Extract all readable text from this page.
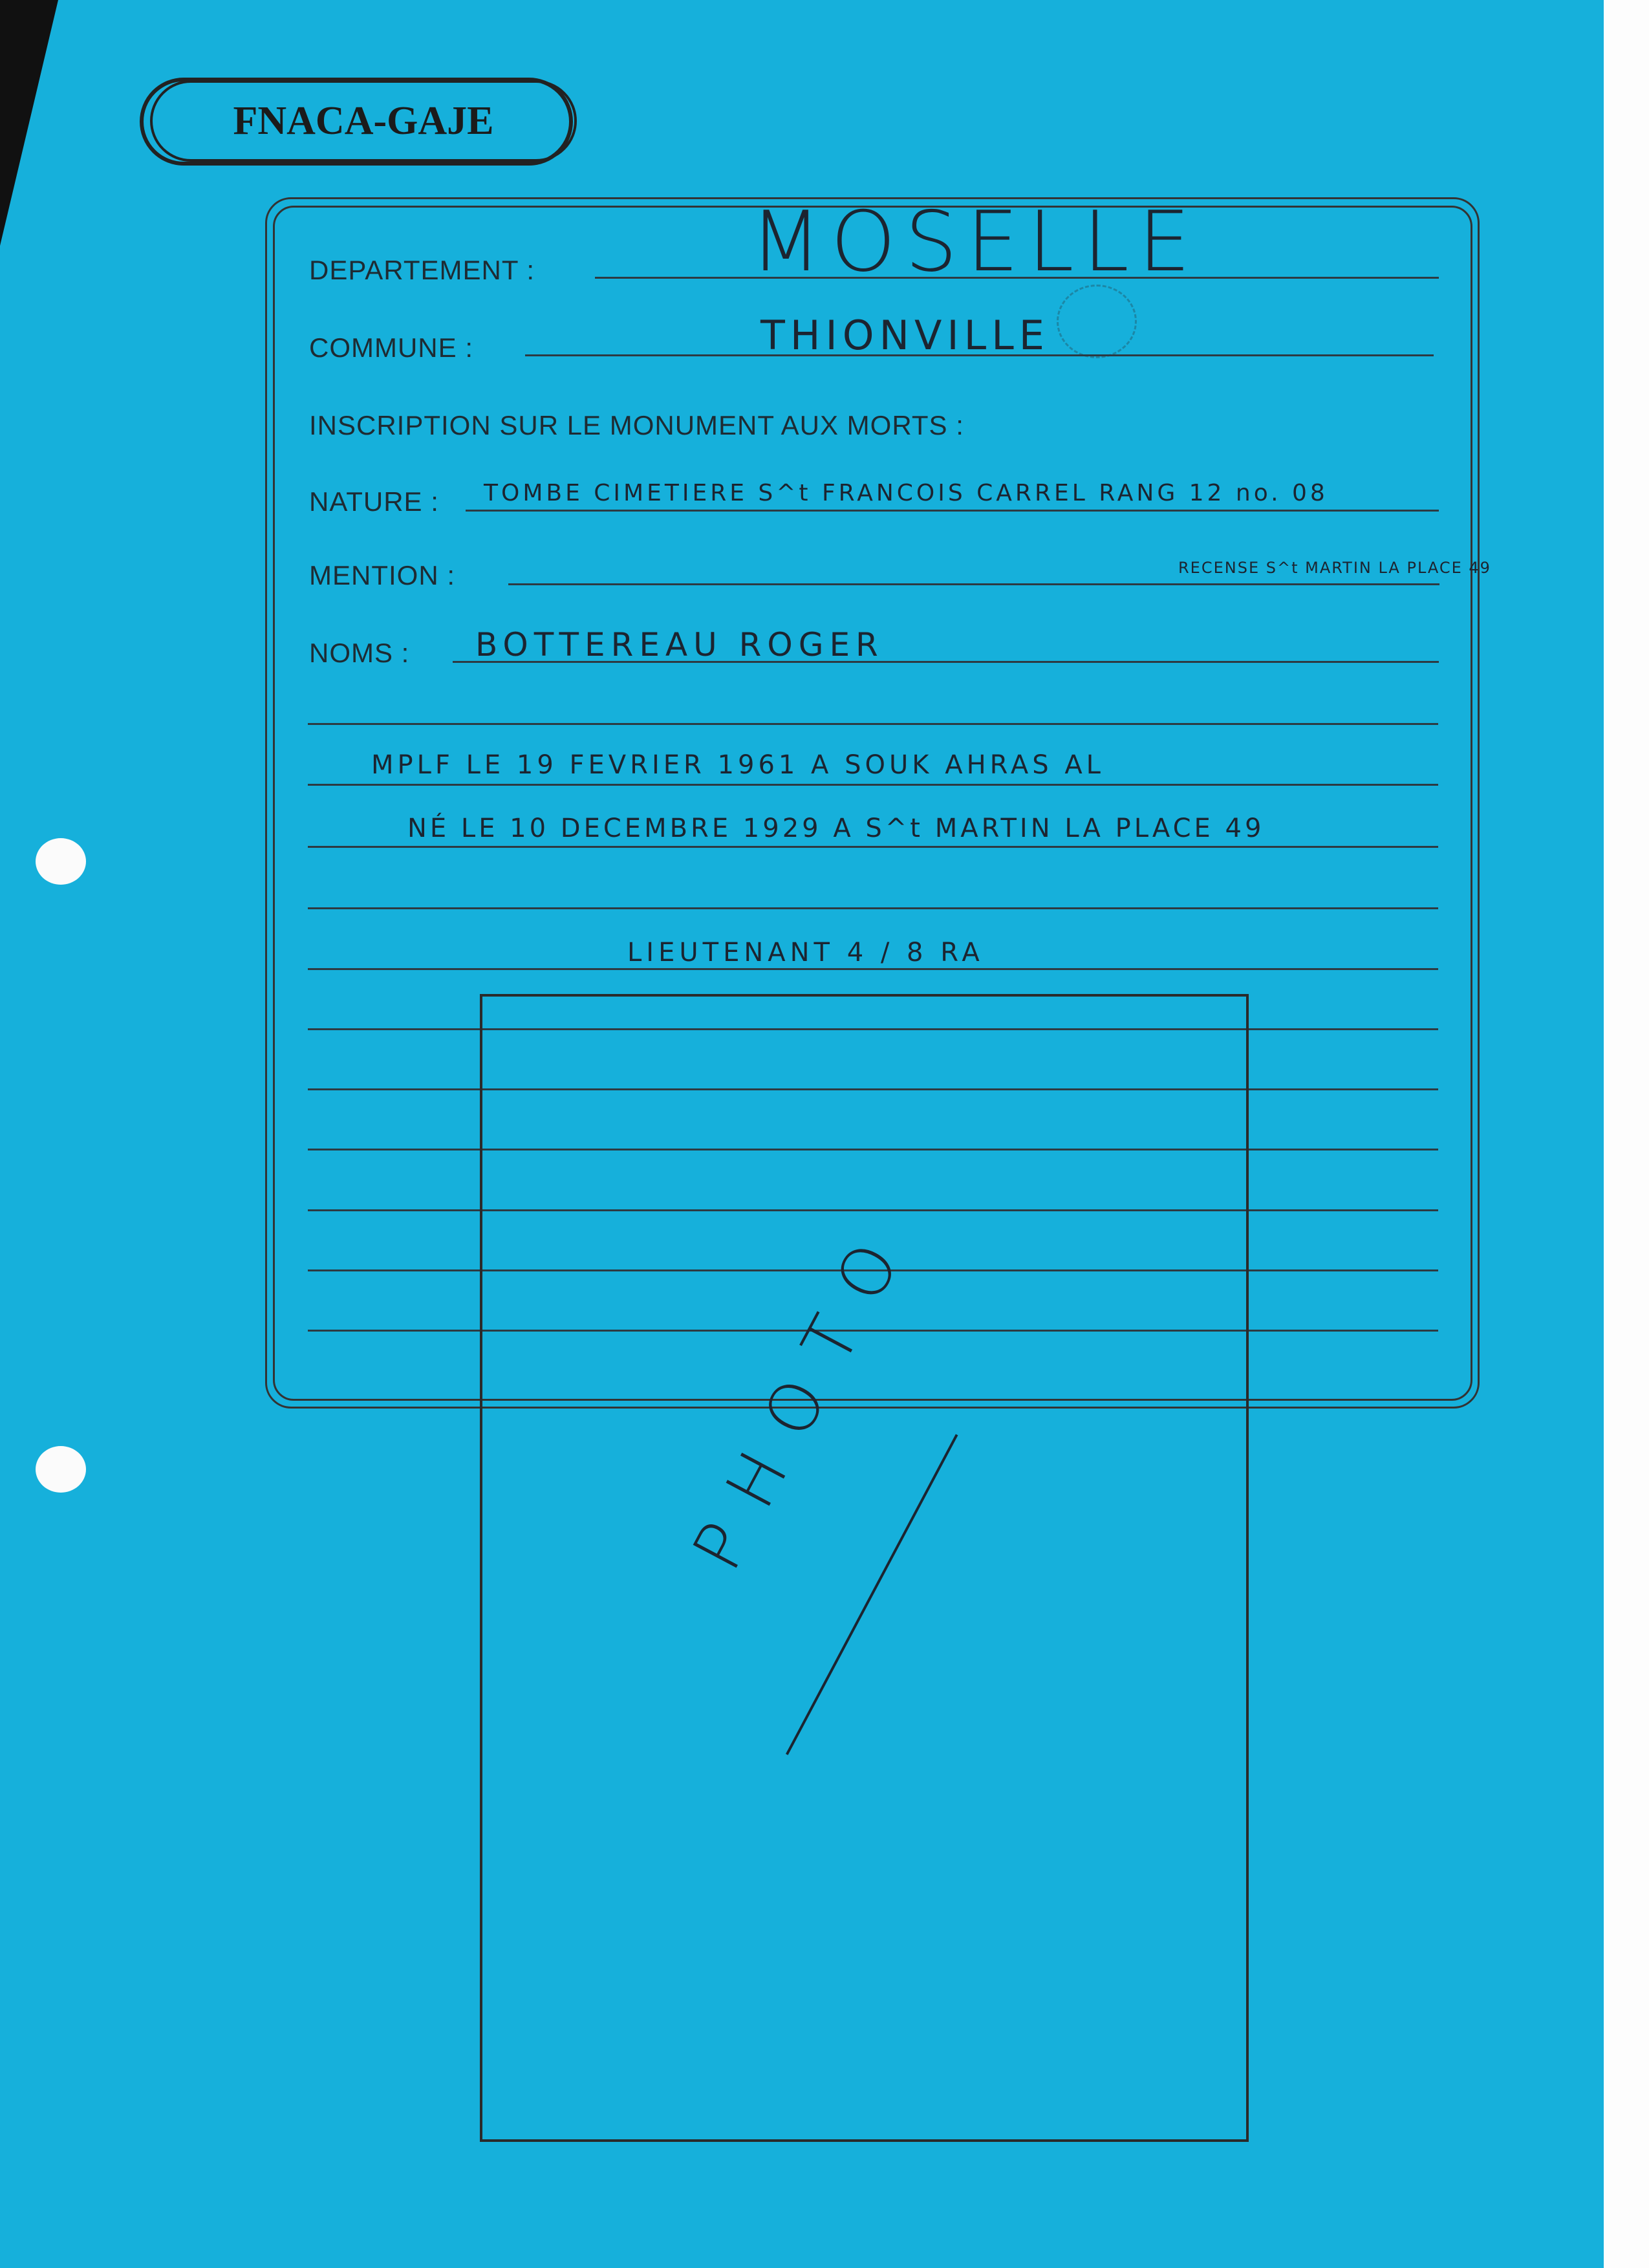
FNACA-GAJE
DEPARTEMENT :	MOSELLE
COMMUNE :	THIONVILLE
INSCRIPTION SUR LE MONUMENT AUX MORTS :
NATURE : TOMBE CIMETIERE S^t FRANCOIS CARREL RANG 12 no. 08
MENTION :	RECENSE S^t MARTIN LA PLACE 49
NOMS : BOTTEREAU ROGER
MPLF LE 19 FEVRIER 1961 A SOUK AHRAS AL
NÉ LE 10 DECEMBRE 1929 A S^t MARTIN LA PLACE 49
LIEUTENANT 4 / 8 RA
PHOTO
